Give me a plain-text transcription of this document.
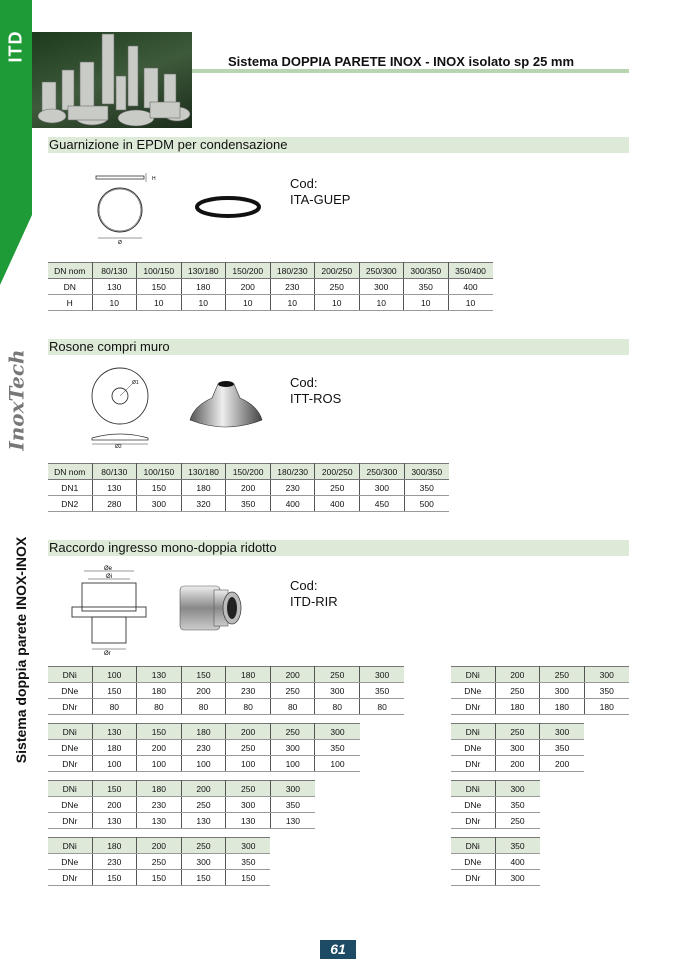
ITD
InoxTech
Sistema doppia parete INOX-INOX
Sistema DOPPIA PARETE INOX - INOX isolato sp 25 mm
Guarnizione in EPDM per condensazione
H
Ø
Cod:
ITA-GUEP
DN nom	80/130	100/150	130/180	150/200	180/230	200/250	250/300	300/350	350/400
DN	130	150	180	200	230	250	300	350	400
H	10	10	10	10	10	10	10	10	10
Rosone compri muro
Ø1
Ø2
Cod:
ITT-ROS
DN nom	80/130	100/150	130/180	150/200	180/230	200/250	250/300	300/350
DN1	130	150	180	200	230	250	300	350
DN2	280	300	320	350	400	400	450	500
Raccordo ingresso mono-doppia ridotto
Øe
Øi
Ør
Cod:
ITD-RIR
DNi	100	130	150	180	200	250	300
DNe	150	180	200	230	250	300	350
DNr	80	80	80	80	80	80	80
DNi	130	150	180	200	250	300
DNe	180	200	230	250	300	350
DNr	100	100	100	100	100	100
DNi	150	180	200	250	300
DNe	200	230	250	300	350
DNr	130	130	130	130	130
DNi	180	200	250	300
DNe	230	250	300	350
DNr	150	150	150	150
DNi	200	250	300
DNe	250	300	350
DNr	180	180	180
DNi	250	300
DNe	300	350
DNr	200	200
DNi	300
DNe	350
DNr	250
DNi	350
DNe	400
DNr	300
61
